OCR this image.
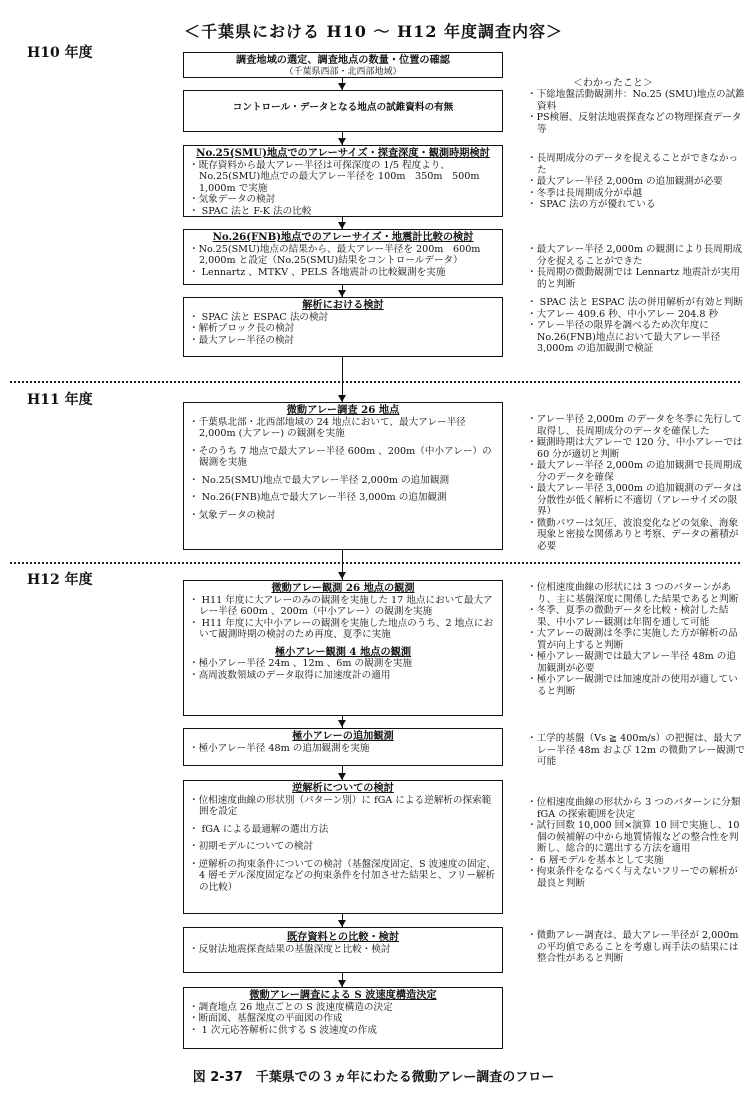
＜千葉県における H10 ～ H12 年度調査内容＞
H10 年度
H11 年度
H12 年度
＜わかったこと＞
調査地域の選定、調査地点の数量・位置の確認
（千葉県西部・北西部地域）
コントロール・データとなる地点の試錐資料の有無
No.25(SMU)地点でのアレーサイズ・探査深度・観測時期検討
・既存資料から最大アレー半径は可探深度の 1/5 程度より、No.25(SMU)地点での最大アレー半径を 100m　350m　500m　1,000m で実施
・気象データの検討
・ SPAC 法と F-K 法の比較
No.26(FNB)地点でのアレーサイズ・地震計比較の検討
・No.25(SMU)地点の結果から、最大アレー半径を 200m　600m　2,000m と設定（No.25(SMU)結果をコントロールデータ）
・ Lennartz 、MTKV 、PELS 各地震計の比較観測を実施
解析における検討
・ SPAC 法と ESPAC 法の検討
・解析ブロック長の検討
・最大アレー半径の検討
微動アレー調査 26 地点
・千葉県北部・北西部地域の 24 地点において、最大アレー半径 2,000m (大アレー) の観測を実施
・そのうち 7 地点で最大アレー半径 600m 、200m（中小アレー）の観測を実施
・ No.25(SMU)地点で最大アレー半径 2,000m の追加観測
・ No.26(FNB)地点で最大アレー半径 3,000m の追加観測
・気象データの検討
微動アレー観測 26 地点の観測
・ H11 年度に大アレーのみの観測を実施した 17 地点において最大アレー半径 600m 、200m（中小アレー）の観測を実施
・ H11 年度に大中小アレーの観測を実施した地点のうち、2 地点において観測時期の検討のため再度、夏季に実施
極小アレー観測 4 地点の観測
・極小アレー半径 24m 、12m 、6m の観測を実施
・高周波数領域のデータ取得に加速度計の適用
極小アレーの追加観測
・極小アレー半径 48m の追加観測を実施
逆解析についての検討
・位相速度曲線の形状別（パターン別）に fGA による逆解析の探索範囲を設定
・ fGA による最適解の選出方法
・初期モデルについての検討
・逆解析の拘束条件についての検討（基盤深度固定、S 波速度の固定、4 層モデル深度固定などの拘束条件を付加させた結果と、フリー解析の比較）
既存資料との比較・検討
・反射法地震探査結果の基盤深度と比較・検討
微動アレー調査による S 波速度構造決定
・調査地点 26 地点ごとの S 波速度構造の決定
・断面図、基盤深度の平面図の作成
・ 1 次元応答解析に供する S 波速度の作成
・下総地盤活動観測井：No.25 (SMU)地点の試錐資料
・PS検層、反射法地震探査などの物理探査データ等
・長周期成分のデータを捉えることができなかった
・最大アレー半径 2,000m の追加観測が必要
・冬季は長周期成分が卓越
・ SPAC 法の方が優れている
・最大アレー半径 2,000m の観測により長周期成分を捉えることができた
・長周期の微動観測では Lennartz 地震計が実用的と判断
・ SPAC 法と ESPAC 法の併用解析が有効と判断
・大アレー 409.6 秒、中小アレー 204.8 秒
・アレー半径の限界を調べるため次年度に No.26(FNB)地点において最大アレー半径 3,000m の追加観測で検証
・アレー半径 2,000m のデータを冬季に先行して取得し、長周期成分のデータを確保した
・観測時期は大アレーで 120 分、中小アレーでは 60 分が適切と判断
・最大アレー半径 2,000m の追加観測で長周期成分のデータを確保
・最大アレー半径 3,000m の追加観測のデータは分散性が低く解析に不適切（アレーサイズの限界）
・微動パワーは気圧、波浪変化などの気象、海象現象と密接な関係ありと考察、データの蓄積が必要
・位相速度曲線の形状には 3 つのパターンがあり、主に基盤深度に関係した結果であると判断
・冬季、夏季の微動データを比較・検討した結果、中小アレー観測は年間を通して可能
・大アレーの観測は冬季に実施した方が解析の品質が向上すると判断
・極小アレー観測では最大アレー半径 48m の追加観測が必要
・極小アレー観測では加速度計の使用が適していると判断
・工学的基盤（Vs ≧ 400m/s）の把握は、最大アレー半径 48m および 12m の微動アレー観測で可能
・位相速度曲線の形状から 3 つのパターンに分類 fGA の探索範囲を決定
・試行回数 10,000 回×演算 10 回で実施し、10 個の候補解の中から地質情報などの整合性を判断し、総合的に選出する方法を適用
・ 6 層モデルを基本として実施
・拘束条件をなるべく与えないフリーでの解析が最良と判断
・微動アレー調査は、最大アレー半径が 2,000m の平均値であることを考慮し両手法の結果には整合性があると判断
図 2-37　千葉県での３ヵ年にわたる微動アレー調査のフロー
